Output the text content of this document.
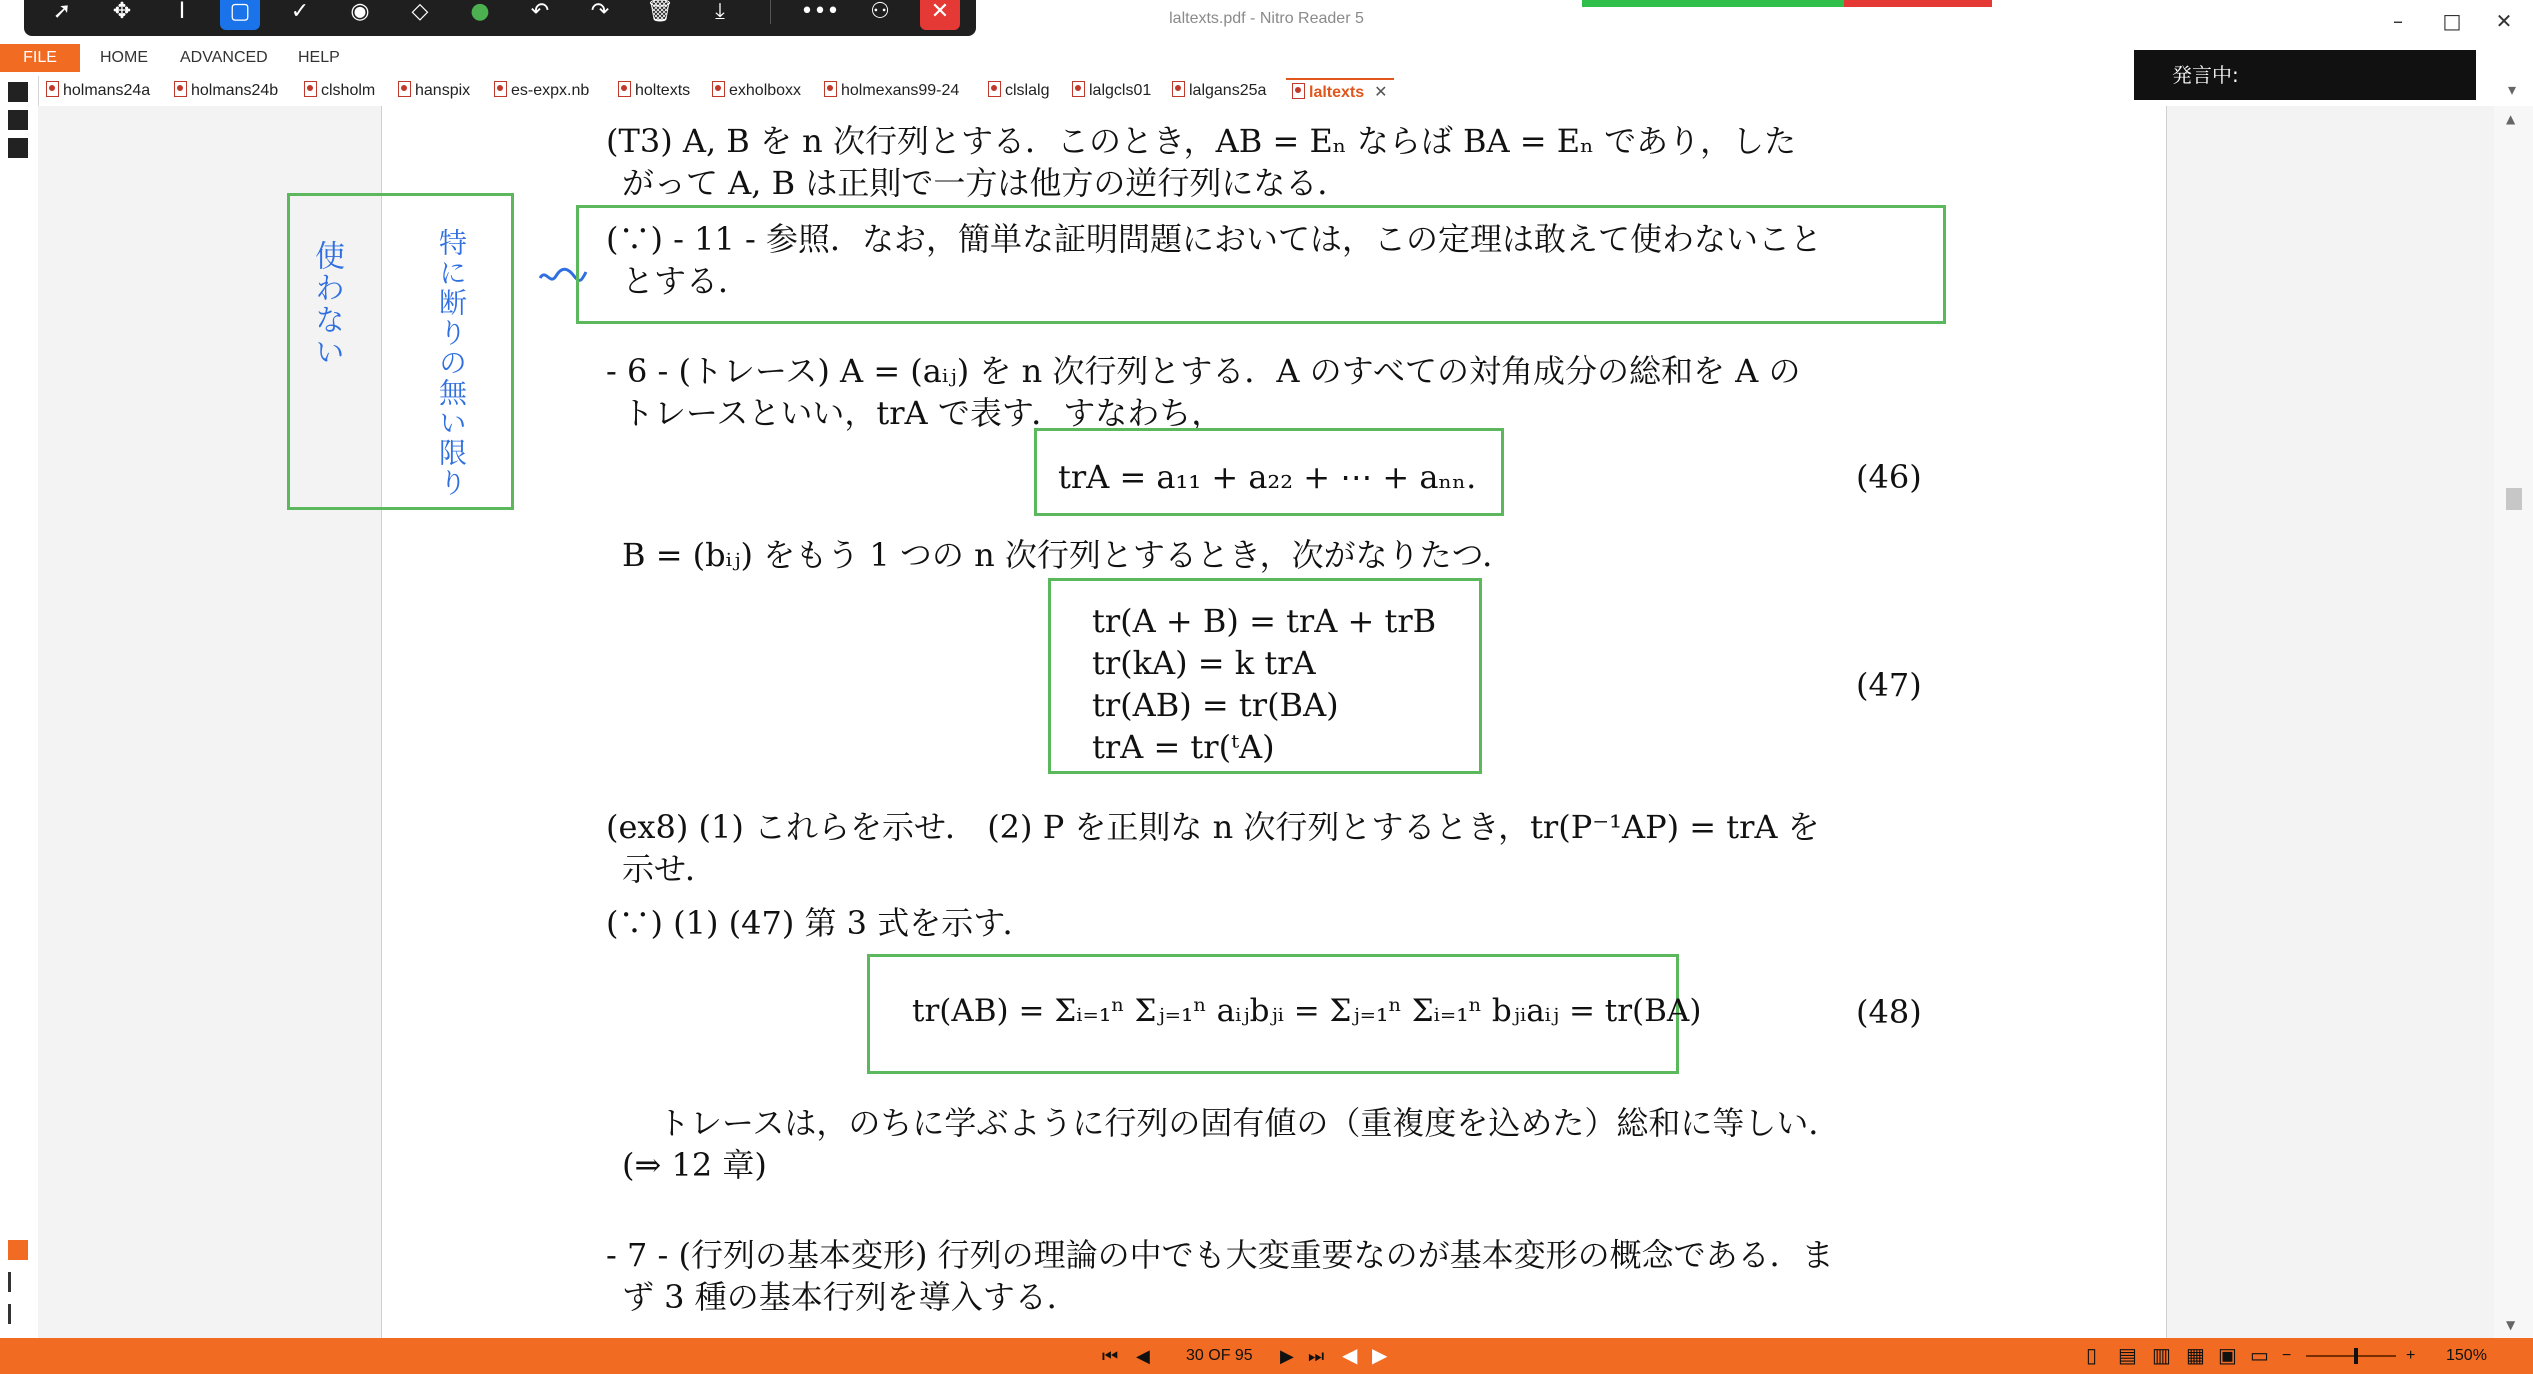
laltexts.pdf - Nitro Reader 5	–	□	✕
➚	✥	I	▢	✓	◉	◇	●	↶	↷	🗑	⤓	•••	⚇	✕
FILE	HOME ADVANCED HELP
発言中:
holmans24a	holmans24b	clsholm	hanspix	es-expx.nb	holtexts	exholboxx	holmexans99-24	clslalg	lalgcls01	lalgans25a	laltexts ✕	▾
▲
▼
使わない	特に断りの無い限り
(T3) A, B を n 次行列とする．このとき，AB = Eₙ ならば BA = Eₙ であり，した
がって A, B は正則で一方は他方の逆行列になる．
(∵) - 11 - 参照．なお，簡単な証明問題においては，この定理は敢えて使わないこと
とする．
- 6 - (トレース) A = (aᵢⱼ) を n 次行列とする．A のすべての対角成分の総和を A の
トレースといい，trA で表す．すなわち，
trA = a₁₁ + a₂₂ + ⋯ + aₙₙ.	(46)
B = (bᵢⱼ) をもう 1 つの n 次行列とするとき，次がなりたつ．
tr(A + B) = trA + trB
tr(kA) = k trA
tr(AB) = tr(BA)
trA = tr(ᵗA)
(47)
(ex8) (1) これらを示せ． (2) P を正則な n 次行列とするとき，tr(P⁻¹AP) = trA を
示せ．
(∵) (1) (47) 第 3 式を示す．
tr(AB) = Σᵢ₌₁ⁿ Σⱼ₌₁ⁿ aᵢⱼbⱼᵢ = Σⱼ₌₁ⁿ Σᵢ₌₁ⁿ bⱼᵢaᵢⱼ = tr(BA)	(48)
トレースは，のちに学ぶように行列の固有値の（重複度を込めた）総和に等しい．
(⇒ 12 章)
- 7 - (行列の基本変形) 行列の理論の中でも大変重要なのが基本変形の概念である．ま
ず 3 種の基本行列を導入する．
⏮ ◀ 30 OF 95 ▶ ⏭ ◀ ▶	▯ ▤ ▥ ▦ ▣ ▭ −	+ 150%
